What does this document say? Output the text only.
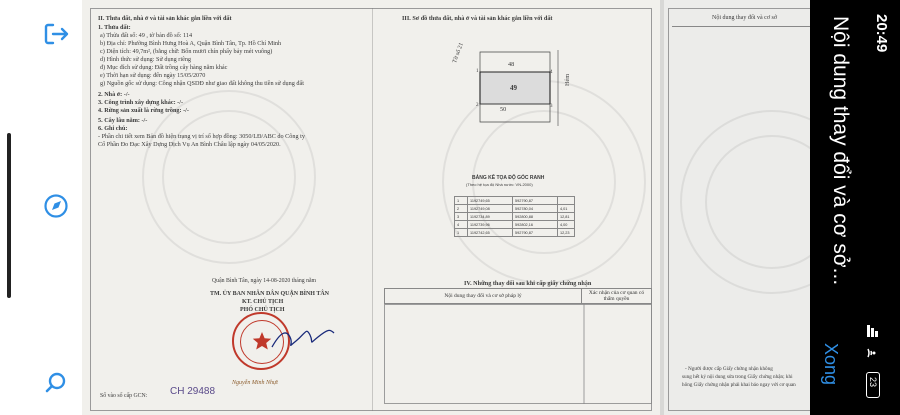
II. Thửa đất, nhà ở và tài sản khác gắn liền với đất
1. Thửa đất:
a) Thửa đất số: 49 , tờ bản đồ số: 114
b) Địa chỉ: Phường Bình Hưng Hoà A, Quận Bình Tân, Tp. Hồ Chí Minh
c) Diện tích: 49,7m², (bằng chữ: Bốn mươi chín phẩy bảy mét vuông)
d) Hình thức sử dụng: Sử dụng riêng
đ) Mục đích sử dụng: Đất trồng cây hàng năm khác
e) Thời hạn sử dụng: đến ngày 15/05/2070
g) Nguồn gốc sử dụng: Công nhận QSDĐ như giao đất không thu tiền sử dụng đất
2. Nhà ở: -/-
3. Công trình xây dựng khác: -/-
4. Rừng sản xuất là rừng trồng: -/-
5. Cây lâu năm: -/-
6. Ghi chú:
- Phần chi tiết xem Bản đồ hiện trạng vị trí số hợp đồng: 3050/LĐ/ABC do Công ty
Cổ Phần Đo Đạc Xây Dựng Dịch Vụ An Bình Châu lập ngày 04/05/2020.
Quận Bình Tân, ngày 14-08-2020 tháng năm
TM. ỦY BAN NHÂN DÂN QUẬN BÌNH TÂN
KT. CHỦ TỊCH
PHÓ CHỦ TỊCH
Nguyễn Minh Nhựt
Số vào sổ cấp GCN: CH 29488
III. Sơ đồ thửa đất, nhà ở và tài sản khác gắn liền với đất
Tờ số 21
48
49
50
Hẻm
1
2	3
4
BẢNG KÊ TỌA ĐỘ GÓC RANH
(Theo hệ tọa độ Nhà nước: VN-2000)
1	1192749,65	592790,87	
2	1192749,08	592780,04	4,01
3	1192734,89	592800,88	12,81
4	1192739,96	592802,16	4,00
1	1192742,65	592790,87	12,23
IV. Những thay đổi sau khi cấp giấy chứng nhận
Nội dung thay đổi và cơ sở pháp lý	Xác nhận của cơ quan có thẩm quyền
Nội dung thay đổi và cơ sở
- Người được cấp Giấy chứng nhận không
sung hết ký nội dung sửa trong Giấy chứng nhận; khi
hông Giấy chứng nhận phải khai báo ngay với cơ quan
20:49
Nội dung thay đổi và cơ sở...
Xong	23
